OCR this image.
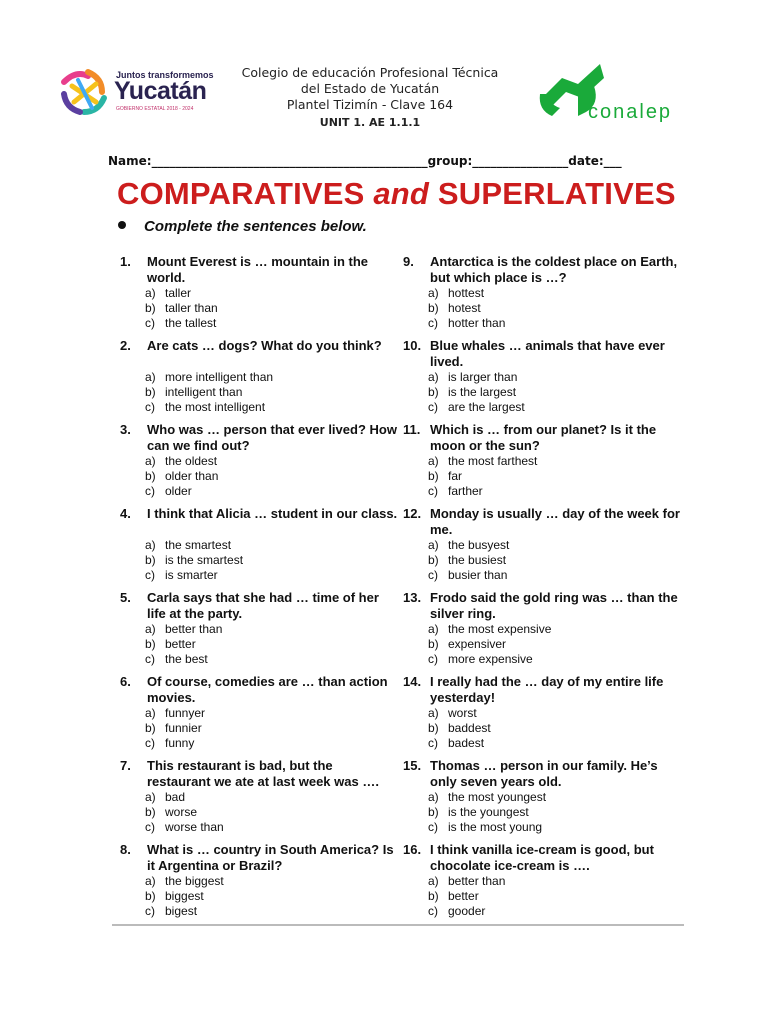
Juntos transformemos
Yucatán
GOBIERNO ESTATAL 2018 - 2024
Colegio de educación Profesional Técnica
del Estado de Yucatán
Plantel Tizimín - Clave 164
UNIT 1. AE 1.1.1	conalep
Name:______________________________________________group:________________date:___
COMPARATIVES and SUPERLATIVES
Complete the sentences below.
1. Mount Everest is … mountain in the world.
a) taller
b) taller than
c) the tallest
2. Are cats … dogs? What do you think?
a) more intelligent than
b) intelligent than
c) the most intelligent
3. Who was … person that ever lived? How can we find out?
a) the oldest
b) older than
c) older
4. I think that Alicia … student in our class.
a) the smartest
b) is the smartest
c) is smarter
5. Carla says that she had … time of her life at the party.
a) better than
b) better
c) the best
6. Of course, comedies are … than action movies.
a) funnyer
b) funnier
c) funny
7. This restaurant is bad, but the restaurant we ate at last week was ….
a) bad
b) worse
c) worse than
8. What is … country in South America? Is it Argentina or Brazil?
a) the biggest
b) biggest
c) bigest
9. Antarctica is the coldest place on Earth, but which place is …?
a) hottest
b) hotest
c) hotter than
10. Blue whales … animals that have ever lived.
a) is larger than
b) is the largest
c) are the largest
11. Which is … from our planet? Is it the moon or the sun?
a) the most farthest
b) far
c) farther
12. Monday is usually … day of the week for me.
a) the busyest
b) the busiest
c) busier than
13. Frodo said the gold ring was … than the silver ring.
a) the most expensive
b) expensiver
c) more expensive
14. I really had the … day of my entire life yesterday!
a) worst
b) baddest
c) badest
15. Thomas … person in our family. He’s only seven years old.
a) the most youngest
b) is the youngest
c) is the most young
16. I think vanilla ice-cream is good, but chocolate ice-cream is ….
a) better than
b) better
c) gooder
